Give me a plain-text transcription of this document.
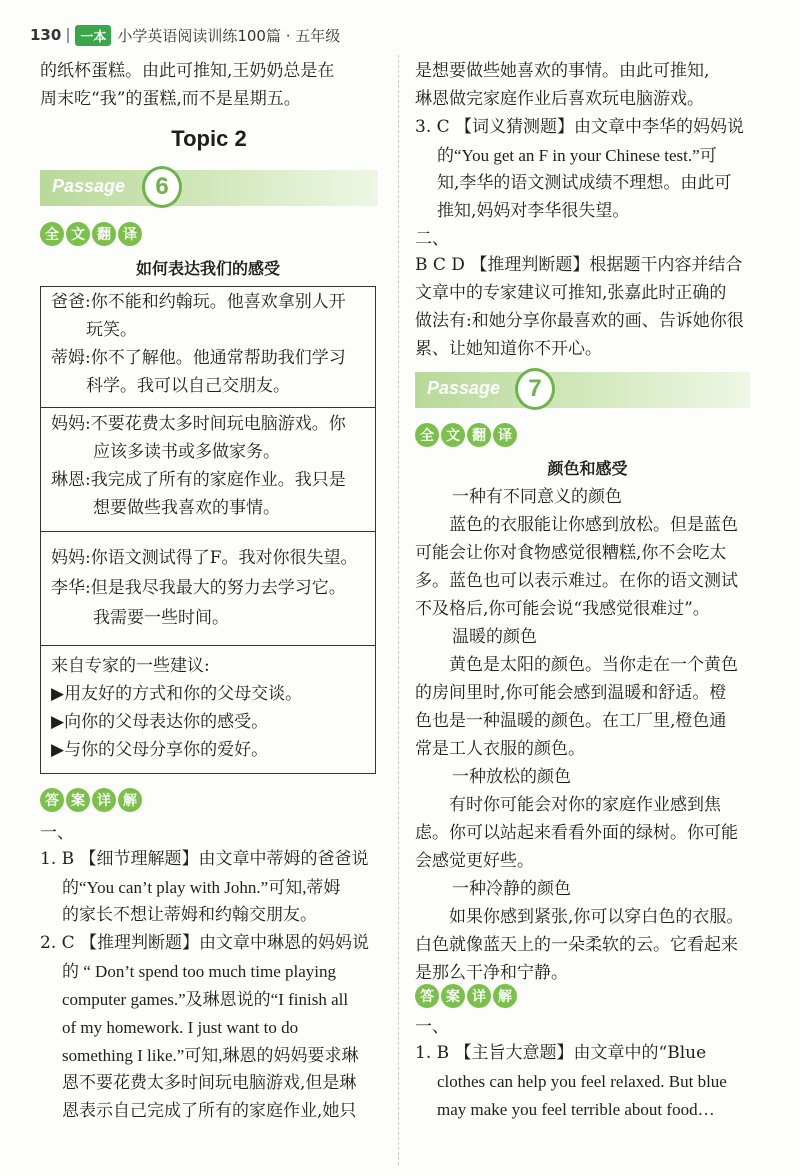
130	一本 小学英语阅读训练100篇 · 五年级

的纸杯蛋糕。由此可推知,王奶奶总是在

周末吃“我”的蛋糕,而不是星期五。

Topic 2
Passage	6
全 文 翻 译
如何表达我们的感受
爸爸:你不能和约翰玩。他喜欢拿别人开
玩笑。
蒂姆:你不了解他。他通常帮助我们学习
科学。我可以自己交朋友。
妈妈:不要花费太多时间玩电脑游戏。你
应该多读书或多做家务。
琳恩:我完成了所有的家庭作业。我只是
想要做些我喜欢的事情。
妈妈:你语文测试得了F。我对你很失望。
李华:但是我尽我最大的努力去学习它。
我需要一些时间。
来自专家的一些建议:
▶用友好的方式和你的父母交谈。
▶向你的父母表达你的感受。
▶与你的父母分享你的爱好。
答 案 详 解

一、

1. B 【细节理解题】由文章中蒂姆的爸爸说

的“You can’t play with John.”可知,蒂姆

的家长不想让蒂姆和约翰交朋友。

2. C 【推理判断题】由文章中琳恩的妈妈说

的 “ Don’t spend too much time playing

computer games.”及琳恩说的“I finish all

of my homework. I just want to do

something I like.”可知,琳恩的妈妈要求琳

恩不要花费太多时间玩电脑游戏,但是琳

恩表示自己完成了所有的家庭作业,她只

是想要做些她喜欢的事情。由此可推知,

琳恩做完家庭作业后喜欢玩电脑游戏。

3. C 【词义猜测题】由文章中李华的妈妈说

的“You get an F in your Chinese test.”可

知,李华的语文测试成绩不理想。由此可

推知,妈妈对李华很失望。

二、

B C D 【推理判断题】根据题干内容并结合

文章中的专家建议可推知,张嘉此时正确的

做法有:和她分享你最喜欢的画、告诉她你很

累、让她知道你不开心。

Passage	7
全 文 翻 译
颜色和感受

一种有不同意义的颜色

蓝色的衣服能让你感到放松。但是蓝色

可能会让你对食物感觉很糟糕,你不会吃太

多。蓝色也可以表示难过。在你的语文测试

不及格后,你可能会说“我感觉很难过”。

温暖的颜色

黄色是太阳的颜色。当你走在一个黄色

的房间里时,你可能会感到温暖和舒适。橙

色也是一种温暖的颜色。在工厂里,橙色通

常是工人衣服的颜色。

一种放松的颜色

有时你可能会对你的家庭作业感到焦

虑。你可以站起来看看外面的绿树。你可能

会感觉更好些。

一种冷静的颜色

如果你感到紧张,你可以穿白色的衣服。

白色就像蓝天上的一朵柔软的云。它看起来

是那么干净和宁静。

答 案 详 解

一、

1. B 【主旨大意题】由文章中的“Blue

clothes can help you feel relaxed. But blue

may make you feel terrible about food…
